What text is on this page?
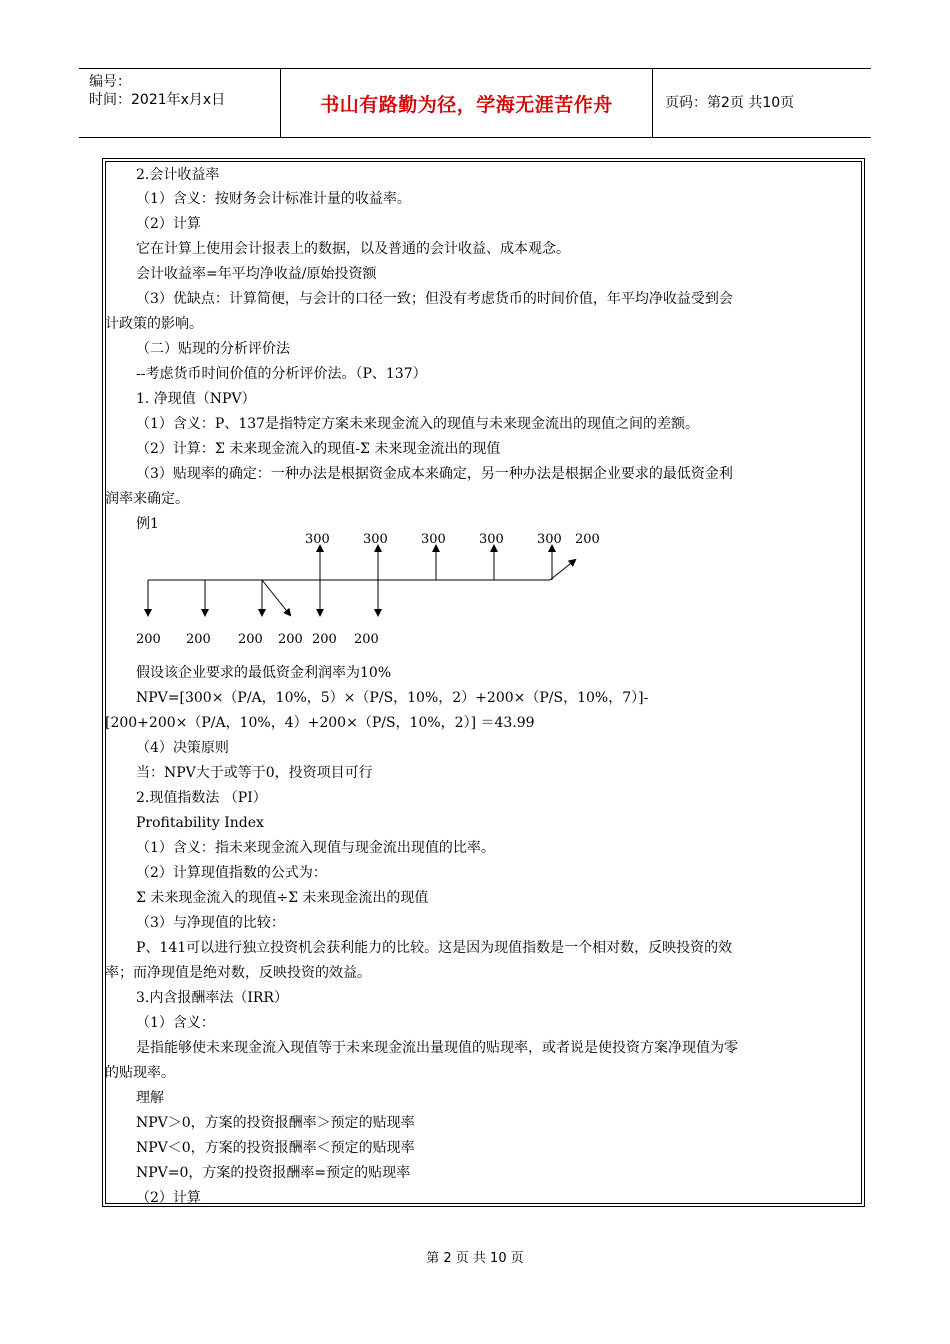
编号：
时间：2021年x月x日	书山有路勤为径，学海无涯苦作舟	页码：第2页 共10页
2.会计收益率
（1）含义：按财务会计标准计量的收益率。
（2）计算
它在计算上使用会计报表上的数据，以及普通的会计收益、成本观念。
会计收益率=年平均净收益/原始投资额
（3）优缺点：计算简便，与会计的口径一致；但没有考虑货币的时间价值，年平均净收益受到会
计政策的影响。
（二）贴现的分析评价法
--考虑货币时间价值的分析评价法。（P、137）
1. 净现值（NPV）
（1）含义：P、137是指特定方案未来现金流入的现值与未来现金流出的现值之间的差额。
（2）计算：Σ 未来现金流入的现值-Σ 未来现金流出的现值
（3）贴现率的确定：一种办法是根据资金成本来确定，另一种办法是根据企业要求的最低资金利
润率来确定。
例1
假设该企业要求的最低资金利润率为10%
NPV=[300×（P/A，10%，5）×（P/S，10%，2）+200×（P/S，10%，7）]-
[200+200×（P/A，10%，4）+200×（P/S，10%，2）] ＝43.99
（4）决策原则
当：NPV大于或等于0，投资项目可行
2.现值指数法 （PI）
Profitability Index
（1）含义：指未来现金流入现值与现金流出现值的比率。
（2）计算现值指数的公式为：
Σ 未来现金流入的现值÷Σ 未来现金流出的现值
（3）与净现值的比较：
P、141可以进行独立投资机会获利能力的比较。这是因为现值指数是一个相对数，反映投资的效
率；而净现值是绝对数，反映投资的效益。
3.内含报酬率法（IRR）
（1）含义：
是指能够使未来现金流入现值等于未来现金流出量现值的贴现率，或者说是使投资方案净现值为零
的贴现率。
理解
NPV＞0，方案的投资报酬率＞预定的贴现率
NPV＜0，方案的投资报酬率＜预定的贴现率
NPV=0，方案的投资报酬率=预定的贴现率
（2）计算
300	300	300	300	300
200 200 200 200 200 200
200
第 2 页 共 10 页
